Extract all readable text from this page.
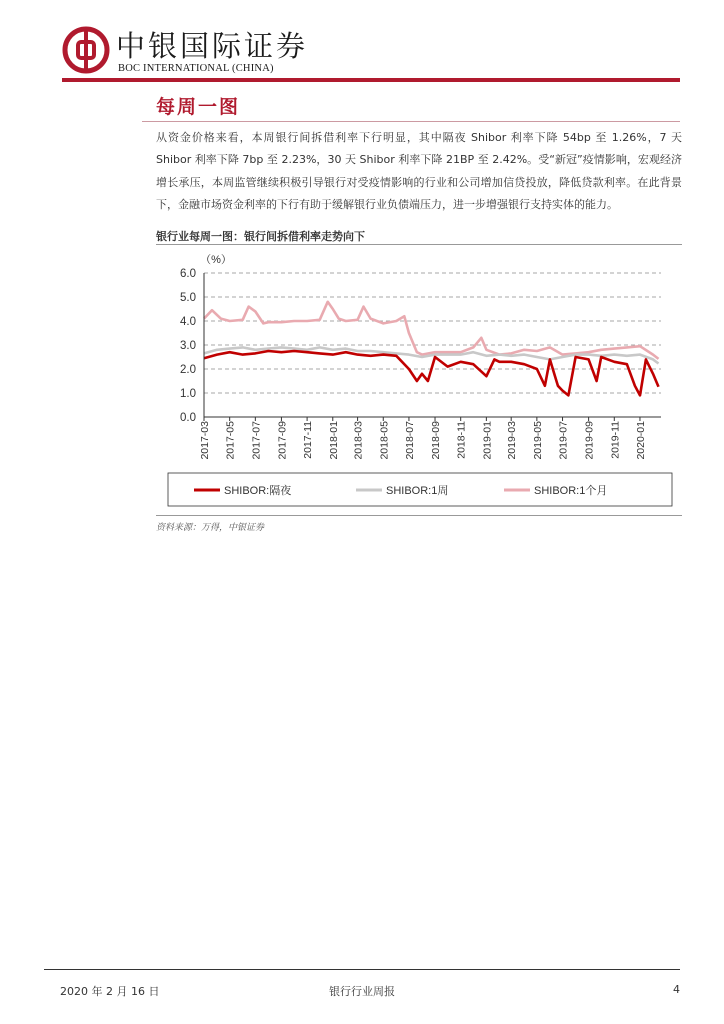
中银国际证券
BOC INTERNATIONAL (CHINA)
每周一图

从资金价格来看，本周银行间拆借利率下行明显，其中隔夜 Shibor 利率下降 54bp 至 1.26%，7 天 Shibor 利率下降 7bp 至 2.23%，30 天 Shibor 利率下降 21BP 至 2.42%。受“新冠”疫情影响，宏观经济增长承压，本周监管继续积极引导银行对受疫情影响的行业和公司增加信贷投放，降低贷款利率。在此背景下，金融市场资金利率的下行有助于缓解银行业负债端压力，进一步增强银行支持实体的能力。

银行业每周一图：银行间拆借利率走势向下
（%）
0.0
1.0
2.0
3.0
4.0
5.0
6.0
2017-03 2017-05 2017-07 2017-09 2017-11 2018-01 2018-03 2018-05 2018-07 2018-09 2018-11 2019-01 2019-03 2019-05 2019-07 2019-09 2019-11 2020-01
SHIBOR:隔夜	SHIBOR:1周	SHIBOR:1个月
资料来源：万得，中银证券
2020 年 2 月 16 日	银行行业周报	4
